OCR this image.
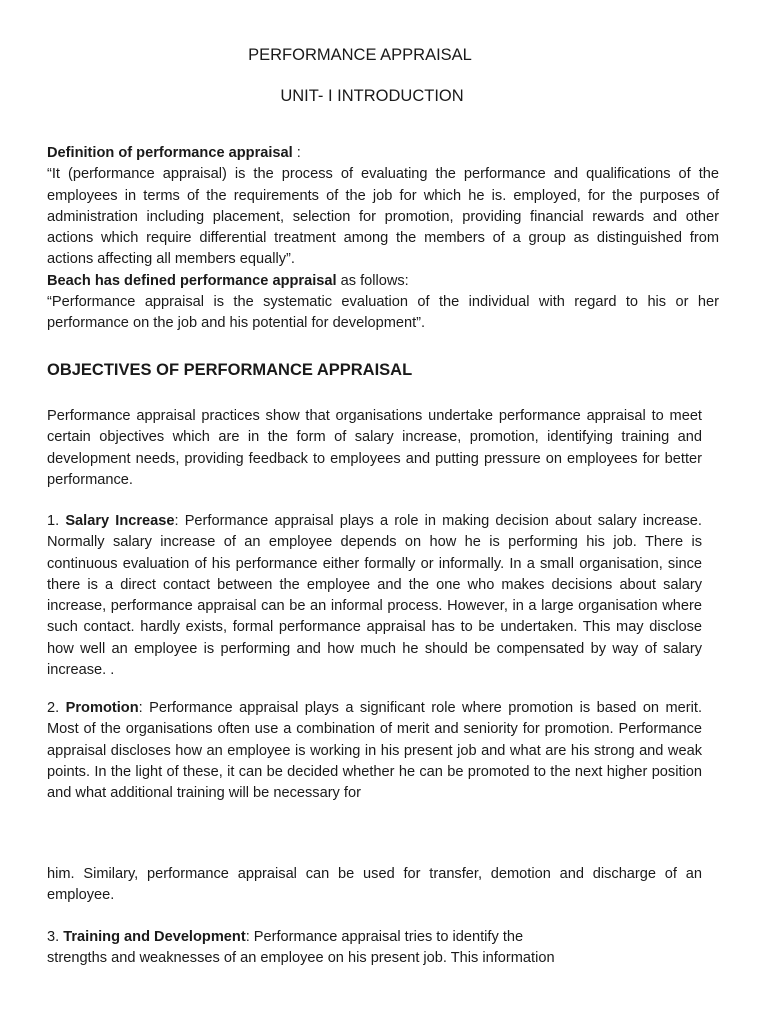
PERFORMANCE APPRAISAL
UNIT- I INTRODUCTION

Definition of performance appraisal :
“It (performance appraisal) is the process of evaluating the performance and qualifications of the employees in terms of the requirements of the job for which he is. employed, for the purposes of administration including placement, selection for promotion, providing financial rewards and other actions which require differential treatment among the members of a group as distinguished from actions affecting all members equally”.
Beach has defined performance appraisal as follows:
“Performance appraisal is the systematic evaluation of the individual with regard to his or her performance on the job and his potential for development”.

OBJECTIVES OF PERFORMANCE APPRAISAL

Performance appraisal practices show that organisations undertake performance appraisal to meet certain objectives which are in the form of salary increase, promotion, identifying training and development needs, providing feedback to employees and putting pressure on employees for better performance.

1. Salary Increase: Performance appraisal plays a role in making decision about salary increase. Normally salary increase of an employee depends on how he is performing his job. There is continuous evaluation of his performance either formally or informally. In a small organisation, since there is a direct contact between the employee and the one who makes decisions about salary increase, performance appraisal can be an informal process. However, in a large organisation where such contact. hardly exists, formal performance appraisal has to be undertaken. This may disclose how well an employee is performing and how much he should be compensated by way of salary increase. .

2. Promotion: Performance appraisal plays a significant role where promotion is based on merit. Most of the organisations often use a combination of merit and seniority for promotion. Performance appraisal discloses how an employee is working in his present job and what are his strong and weak points. In the light of these, it can be decided whether he can be promoted to the next higher position and what additional training will be necessary for

him. Similary, performance appraisal can be used for transfer, demotion and discharge of an employee.

3. Training and Development: Performance appraisal tries to identify the
strengths and weaknesses of an employee on his present job. This information
